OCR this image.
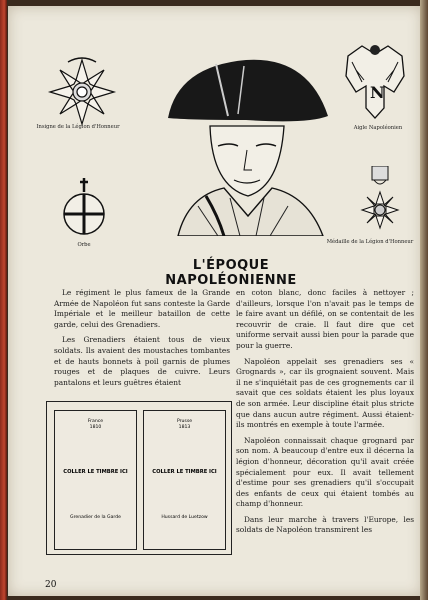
Insigne de la Légion d'Honneur
N
Aigle Napoléonien
Orbe	Médaille de la Légion d'Honneur
L'ÉPOQUE NAPOLÉONIENNE

Le régiment le plus fameux de la Grande Armée de Napoléon fut sans conteste la Garde Impériale et le meilleur bataillon de cette garde, celui des Grenadiers.

Les Grenadiers étaient tous de vieux soldats. Ils avaient des moustaches tombantes et de hauts bonnets à poil garnis de plumes rouges et de plaques de cuivre. Leurs pantalons et leurs guêtres étaient

France
1810
COLLER LE TIMBRE ICI
Grenadier de la Garde
Prusse
1813
COLLER LE TIMBRE ICI
Hussard de Luetzow

en coton blanc, donc faciles à nettoyer ; d'ailleurs, lorsque l'on n'avait pas le temps de le faire avant un défilé, on se contentait de les recouvrir de craie. Il faut dire que cet uniforme servait aussi bien pour la parade que pour la guerre.

Napoléon appelait ses grenadiers ses « Grognards », car ils grognaient souvent. Mais il ne s'inquiétait pas de ces grognements car il savait que ces soldats étaient les plus loyaux de son armée. Leur discipline était plus stricte que dans aucun autre régiment. Aussi étaient-ils montrés en exemple à toute l'armée.

Napoléon connaissait chaque grognard par son nom. A beaucoup d'entre eux il décerna la légion d'honneur, décoration qu'il avait créée spécialement pour eux. Il avait tellement d'estime pour ses grenadiers qu'il s'occupait des enfants de ceux qui étaient tombés au champ d'honneur.

Dans leur marche à travers l'Europe, les soldats de Napoléon transmirent les

20
